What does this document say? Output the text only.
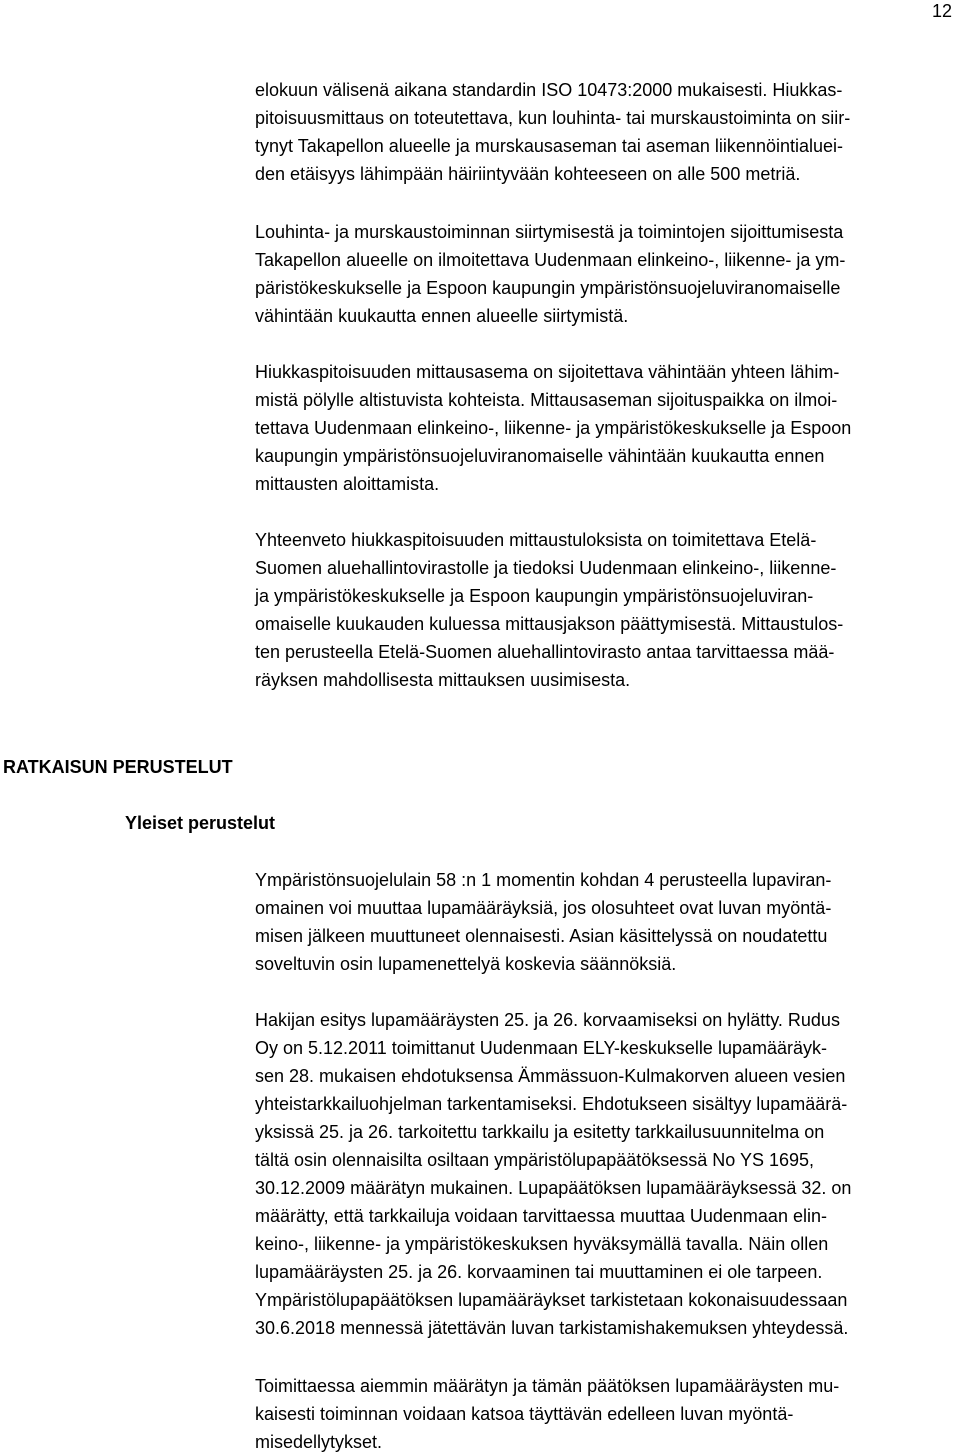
12

elokuun välisenä aikana standardin ISO 10473:2000 mukaisesti. Hiukkas-
pitoisuusmittaus on toteutettava, kun louhinta- tai murskaustoiminta on siir-
tynyt Takapellon alueelle ja murskausaseman tai aseman liikennöintialuei-
den etäisyys lähimpään häiriintyvään kohteeseen on alle 500 metriä.

Louhinta- ja murskaustoiminnan siirtymisestä ja toimintojen sijoittumisesta
Takapellon alueelle on ilmoitettava Uudenmaan elinkeino-, liikenne- ja ym-
päristökeskukselle ja Espoon kaupungin ympäristönsuojeluviranomaiselle
vähintään kuukautta ennen alueelle siirtymistä.

Hiukkaspitoisuuden mittausasema on sijoitettava vähintään yhteen lähim-
mistä pölylle altistuvista kohteista. Mittausaseman sijoituspaikka on ilmoi-
tettava Uudenmaan elinkeino-, liikenne- ja ympäristökeskukselle ja Espoon
kaupungin ympäristönsuojeluviranomaiselle vähintään kuukautta ennen
mittausten aloittamista.

Yhteenveto hiukkaspitoisuuden mittaustuloksista on toimitettava Etelä-
Suomen aluehallintovirastolle ja tiedoksi Uudenmaan elinkeino-, liikenne-
ja ympäristökeskukselle ja Espoon kaupungin ympäristönsuojeluviran-
omaiselle kuukauden kuluessa mittausjakson päättymisestä. Mittaustulos-
ten perusteella Etelä-Suomen aluehallintovirasto antaa tarvittaessa mää-
räyksen mahdollisesta mittauksen uusimisesta.

RATKAISUN PERUSTELUT
Yleiset perustelut

Ympäristönsuojelulain 58 :n 1 momentin kohdan 4 perusteella lupaviran-
omainen voi muuttaa lupamääräyksiä, jos olosuhteet ovat luvan myöntä-
misen jälkeen muuttuneet olennaisesti. Asian käsittelyssä on noudatettu
soveltuvin osin lupamenettelyä koskevia säännöksiä.

Hakijan esitys lupamääräysten 25. ja 26. korvaamiseksi on hylätty. Rudus
Oy on 5.12.2011 toimittanut Uudenmaan ELY-keskukselle lupamääräyk-
sen 28. mukaisen ehdotuksensa Ämmässuon-Kulmakorven alueen vesien
yhteistarkkailuohjelman tarkentamiseksi. Ehdotukseen sisältyy lupamäärä-
yksissä 25. ja 26. tarkoitettu tarkkailu ja esitetty tarkkailusuunnitelma on
tältä osin olennaisilta osiltaan ympäristölupapäätöksessä No YS 1695,
30.12.2009 määrätyn mukainen. Lupapäätöksen lupamääräyksessä 32. on
määrätty, että tarkkailuja voidaan tarvittaessa muuttaa Uudenmaan elin-
keino-, liikenne- ja ympäristökeskuksen hyväksymällä tavalla. Näin ollen
lupamääräysten 25. ja 26. korvaaminen tai muuttaminen ei ole tarpeen.
Ympäristölupapäätöksen lupamääräykset tarkistetaan kokonaisuudessaan
30.6.2018 mennessä jätettävän luvan tarkistamishakemuksen yhteydessä.

Toimittaessa aiemmin määrätyn ja tämän päätöksen lupamääräysten mu-
kaisesti toiminnan voidaan katsoa täyttävän edelleen luvan myöntä-
misedellytykset.
